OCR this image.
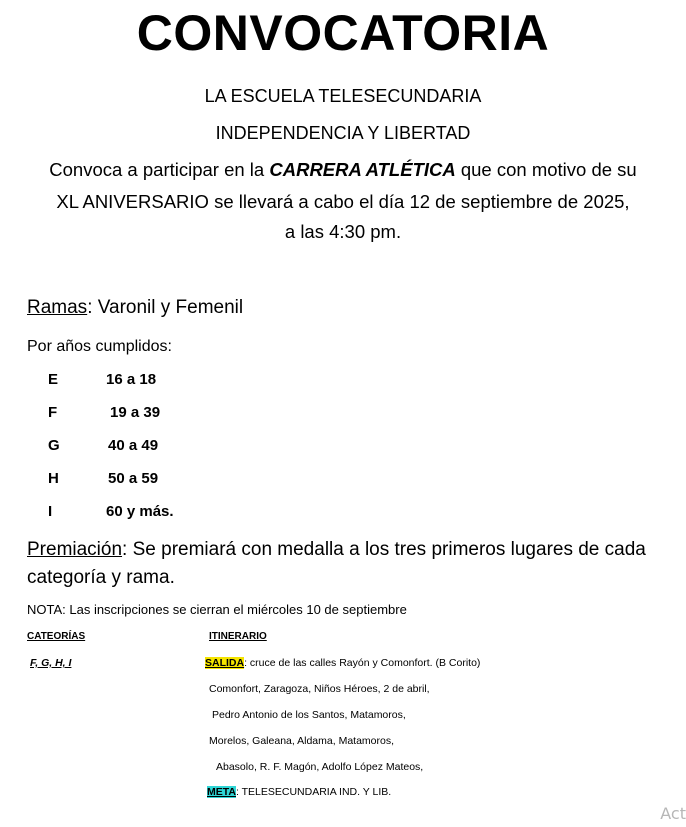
CONVOCATORIA
LA ESCUELA TELESECUNDARIA
INDEPENDENCIA Y LIBERTAD
Convoca a participar en la CARRERA ATLÉTICA que con motivo de su
XL ANIVERSARIO se llevará a cabo el día 12 de septiembre de 2025,
a las 4:30 pm.
Ramas: Varonil y Femenil
Por años cumplidos:
E	16 a 18
F	19 a 39
G	40 a 49
H	50 a 59
I	60 y más.
Premiación: Se premiará con medalla a los tres primeros lugares de cada categoría y rama.
NOTA: Las inscripciones se cierran el miércoles 10 de septiembre
CATEORÍAS	ITINERARIO
F, G, H, I	SALIDA: cruce de las calles Rayón y Comonfort. (B Corito)
Comonfort, Zaragoza, Niños Héroes, 2 de abril,
Pedro Antonio de los Santos, Matamoros,
Morelos, Galeana, Aldama, Matamoros,
Abasolo, R. F. Magón, Adolfo López Mateos,
META: TELESECUNDARIA IND. Y LIB.
Act
